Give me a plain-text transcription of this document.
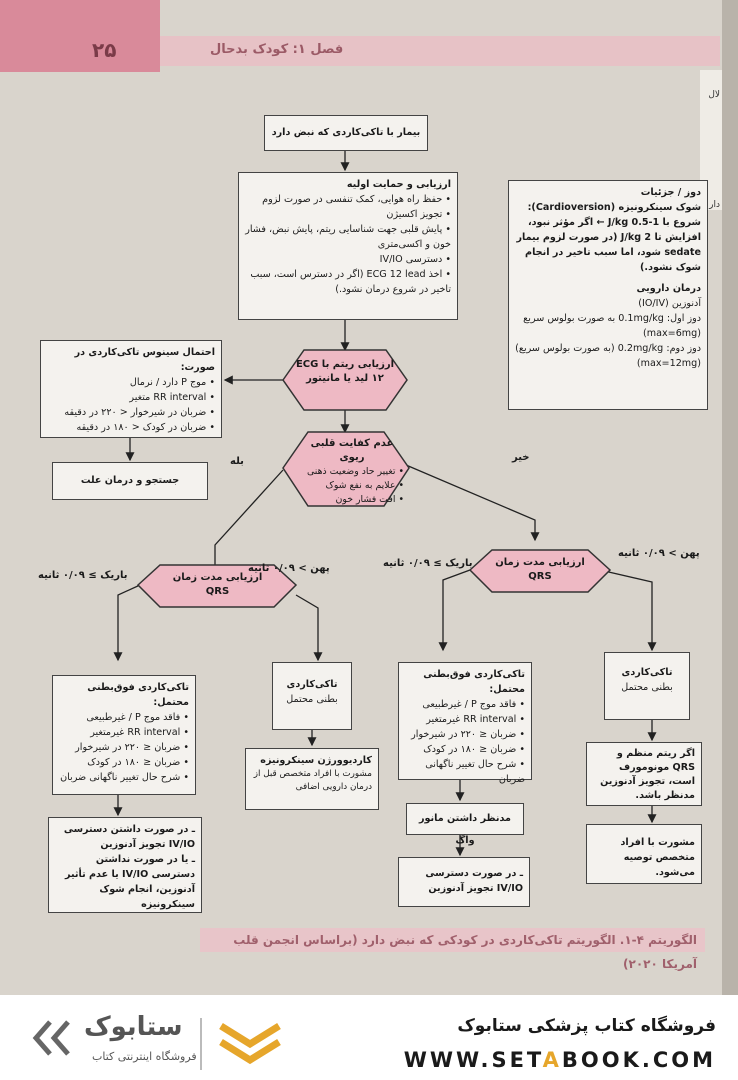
۲۵	فصل ۱: کودک بدحال
لال
دار
بیمار با تاکی‌کاردی که نبض دارد
ارزیابی و حمایت اولیه
• حفظ راه هوایی، کمک تنفسی در صورت لزوم
• تجویز اکسیژن
• پایش قلبی جهت شناسایی ریتم، پایش نبض، فشار خون و اکسی‌متری
• دسترسی IV/IO
• اخذ ECG 12 lead (اگر در دسترس است، سبب تاخیر در شروع درمان نشود.)
دوز / جزئیات
شوک سینکرونیزه (Cardioversion): شروع با J/kg 0.5-1 ← اگر مؤثر نبود، افزایش تا J/kg 2 (در صورت لزوم بیمار sedate شود، اما سبب تاخیر در انجام شوک نشود.)
درمان دارویی
آدنوزین (IO/IV)
دوز اول: 0.1mg/kg به صورت بولوس سریع (max=6mg)
دوز دوم: 0.2mg/kg (به صورت بولوس سریع) (max=12mg)
احتمال سینوس تاکی‌کاردی در صورت:
• موج P دارد / نرمال
• RR interval متغیر
• ضربان در شیرخوار < ۲۲۰ در دقیقه
• ضربان در کودک < ۱۸۰ در دقیقه
جستجو و درمان علت
ارزیابی ریتم با ECG
۱۲ لید یا مانیتور
عدم کفایت قلبی ریوی
• تغییر حاد وضعیت ذهنی
• علایم به نفع شوک
• افت فشار خون
بله	خیر
ارزیابی مدت زمان
QRS
ارزیابی مدت زمان
QRS
باریک ≥ ۰/۰۹ ثانیه
پهن > ۰/۰۹ ثانیه	باریک ≥ ۰/۰۹ ثانیه
پهن > ۰/۰۹ ثانیه
تاکی‌کاردی فوق‌بطنی محتمل:
• فاقد موج P / غیرطبیعی
• RR interval غیرمتغیر
• ضربان ≤ ۲۲۰ در شیرخوار
• ضربان ≤ ۱۸۰ در کودک
• شرح حال تغییر ناگهانی ضربان
تاکی‌کاردی
بطنی محتمل
کاردیوورژن سینکرونیزه
مشورت با افراد متخصص قبل از درمان دارویی اضافی
تاکی‌کاردی فوق‌بطنی محتمل:
• فاقد موج P / غیرطبیعی
• RR interval غیرمتغیر
• ضربان ≤ ۲۲۰ در شیرخوار
• ضربان ≤ ۱۸۰ در کودک
• شرح حال تغییر ناگهانی ضربان
تاکی‌کاردی
بطنی محتمل
اگر ریتم منظم و QRS مونومورف است، تجویز آدنوزین مدنظر باشد.
مشورت با افراد متخصص توصیه می‌شود.
ـ در صورت داشتن دسترسی IV/IO تجویز آدنوزین
ـ یا در صورت نداشتن دسترسی IV/IO یا عدم تأثیر آدنوزین، انجام شوک سینکرونیزه
مدنظر داشتن مانور واگ
ـ در صورت دسترسی IV/IO تجویز آدنوزین
الگوریتم ۴-۱. الگوریتم تاکی‌کاردی در کودکی که نبض دارد (براساس انجمن قلب آمریکا ۲۰۲۰)
فروشگاه کتاب پزشکی ستابوک
WWW.SETABOOK.COM
ستابوک
فروشگاه اینترنتی کتاب
